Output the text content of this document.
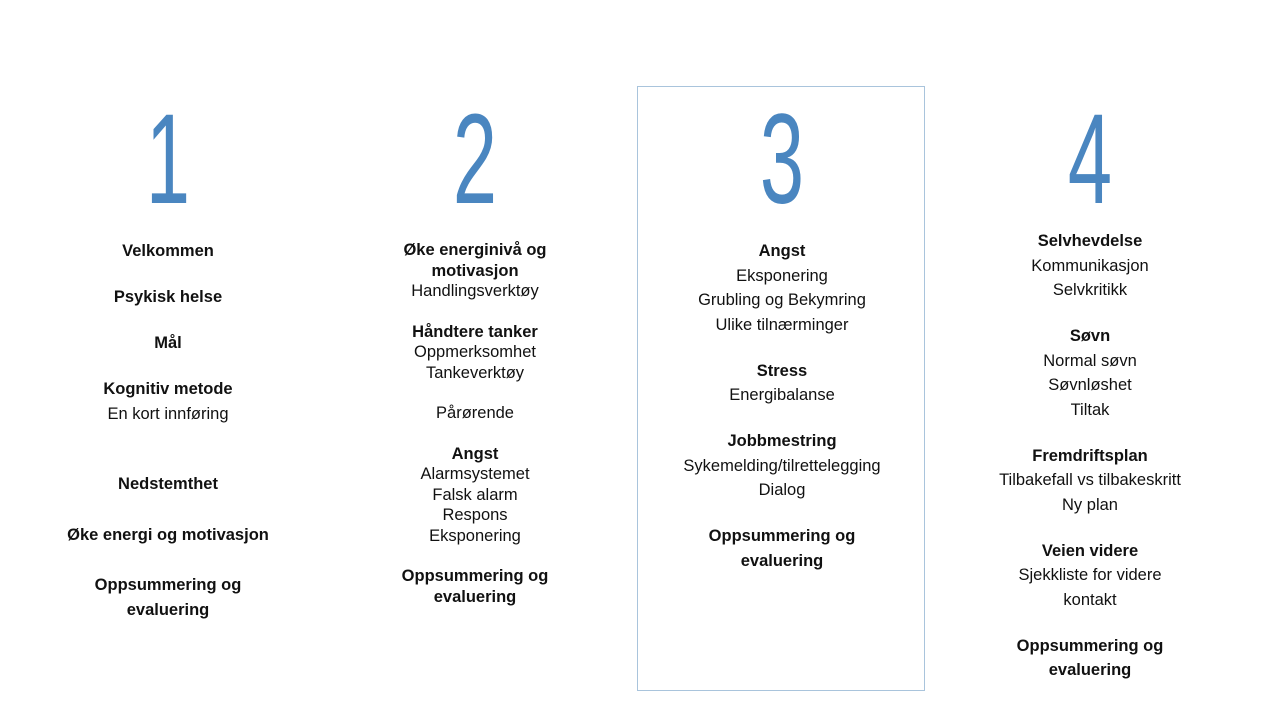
1	2	3	4
Velkommen
Psykisk helse
Mål
Kognitiv metode
En kort innføring
Nedstemthet
Øke energi og motivasjon
Oppsummering og
evaluering
Øke energinivå og
motivasjon
Handlingsverktøy
Håndtere tanker
Oppmerksomhet
Tankeverktøy
Pårørende
Angst
Alarmsystemet
Falsk alarm
Respons
Eksponering
Oppsummering og
evaluering
Angst
Eksponering
Grubling og Bekymring
Ulike tilnærminger
Stress
Energibalanse
Jobbmestring
Sykemelding/tilrettelegging
Dialog
Oppsummering og
evaluering
Selvhevdelse
Kommunikasjon
Selvkritikk
Søvn
Normal søvn
Søvnløshet
Tiltak
Fremdriftsplan
Tilbakefall vs tilbakeskritt
Ny plan
Veien videre
Sjekkliste for videre
kontakt
Oppsummering og
evaluering
